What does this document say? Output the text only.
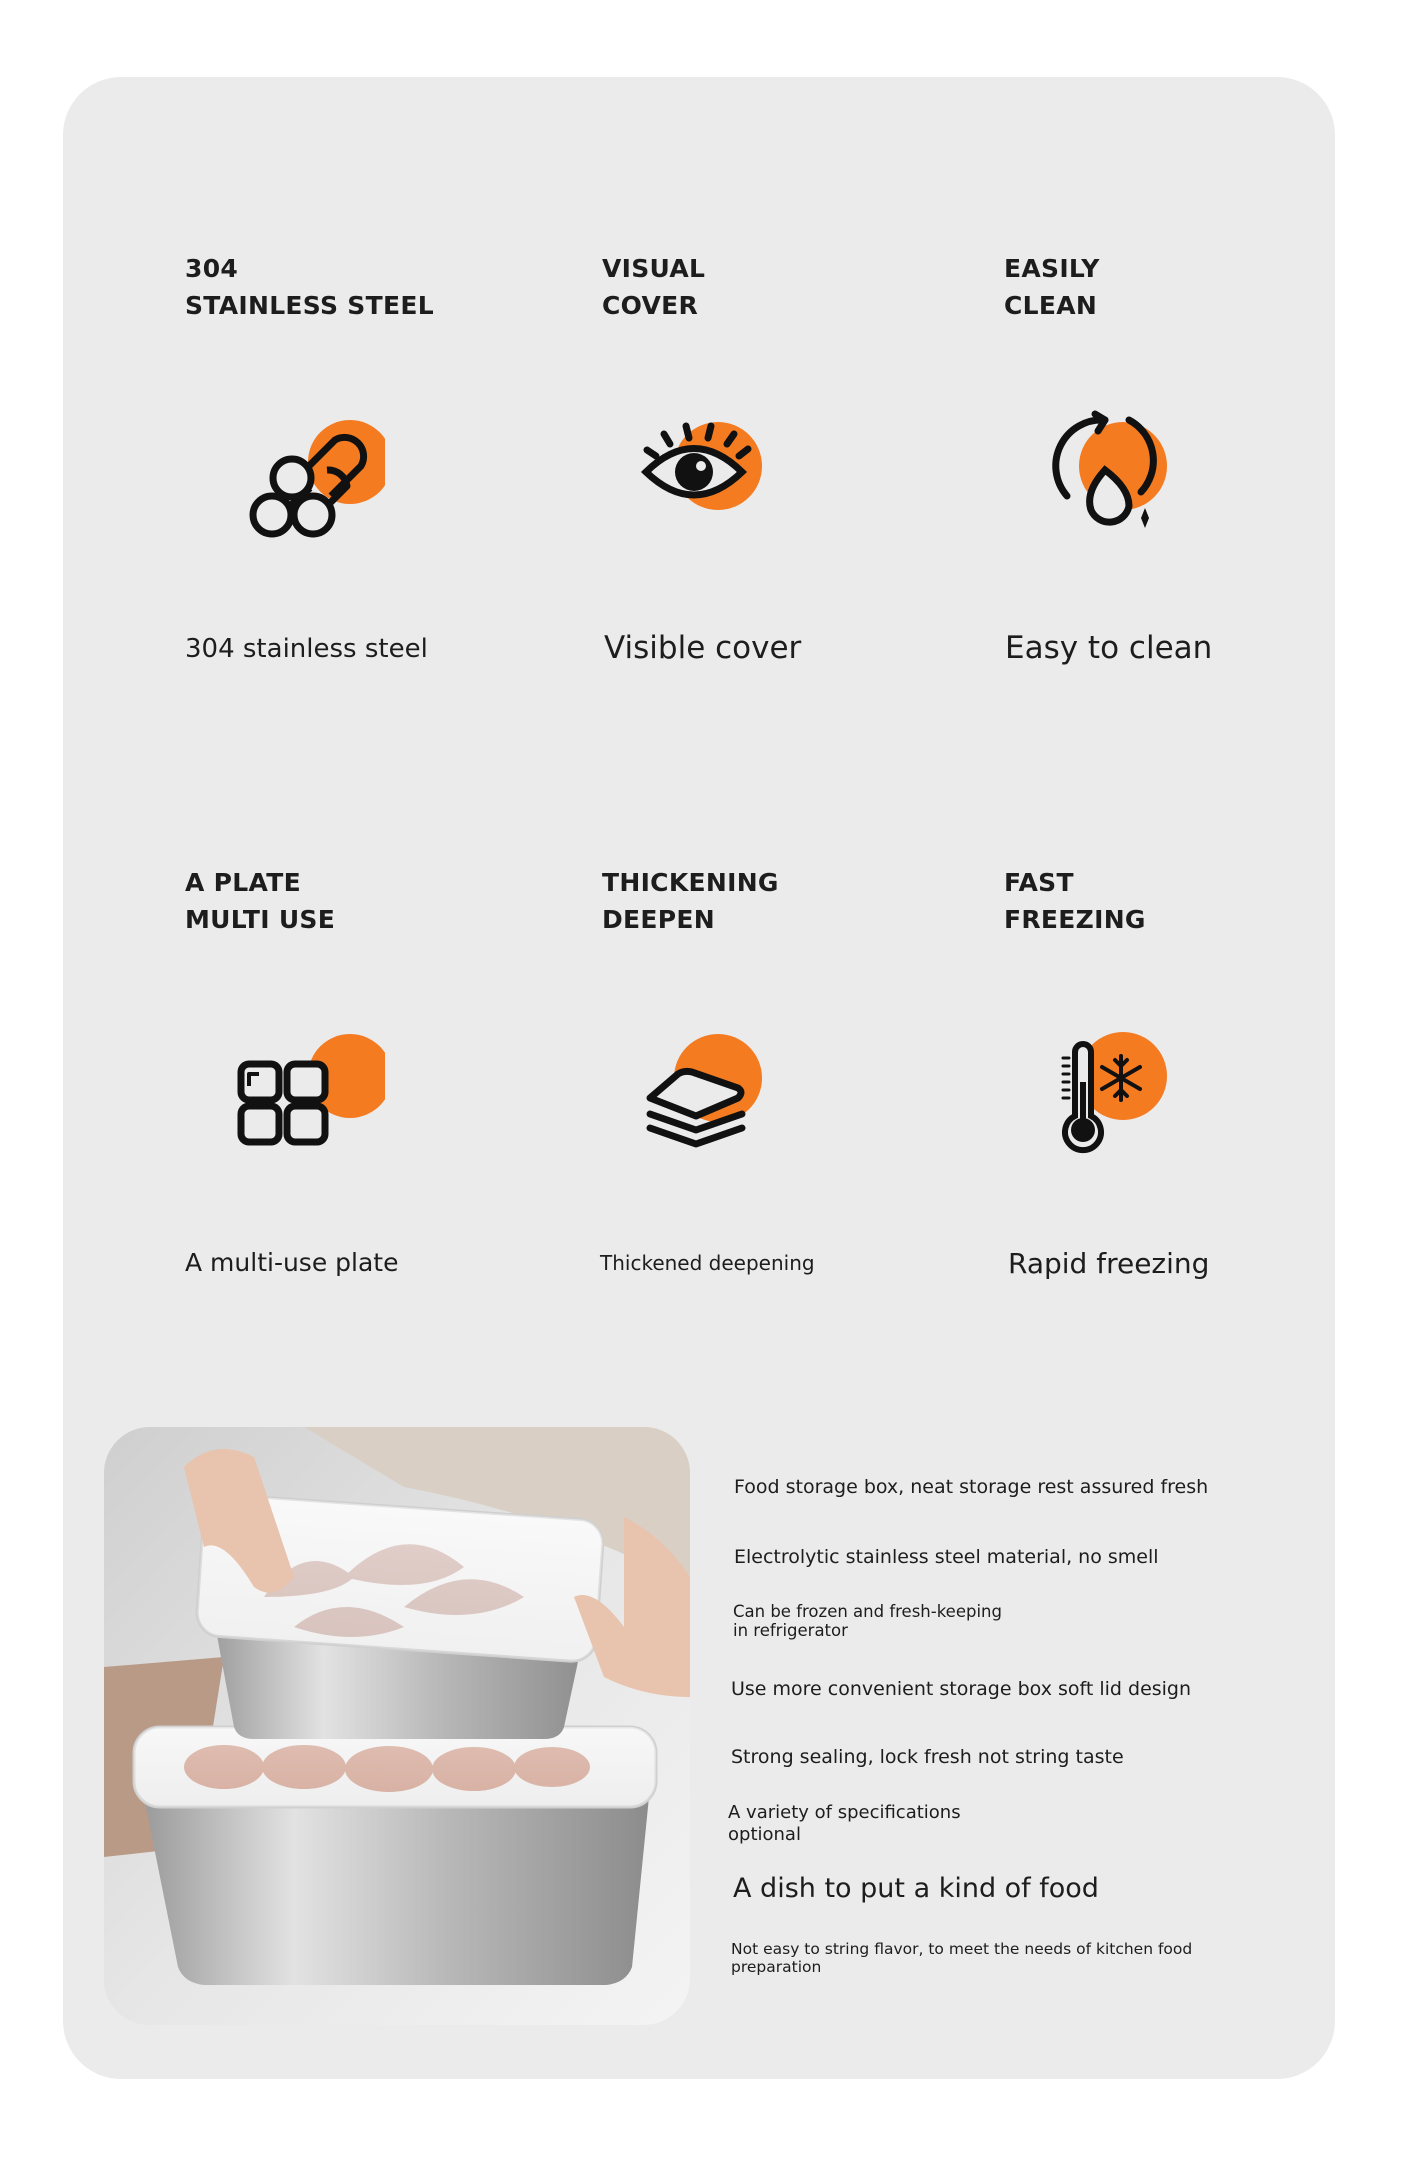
304
STAINLESS STEEL
304 stainless steel
VISUAL
COVER
Visible cover
EASILY
CLEAN
Easy to clean
A PLATE
MULTI USE
A multi-use plate
THICKENING
DEEPEN
Thickened deepening
FAST
FREEZING
Rapid freezing
Food storage box, neat storage rest assured fresh
Electrolytic stainless steel material, no smell
Can be frozen and fresh-keeping
in refrigerator
Use more convenient storage box soft lid design
Strong sealing, lock fresh not string taste
A variety of specifications
optional
A dish to put a kind of food
Not easy to string flavor, to meet the needs of kitchen food
preparation
